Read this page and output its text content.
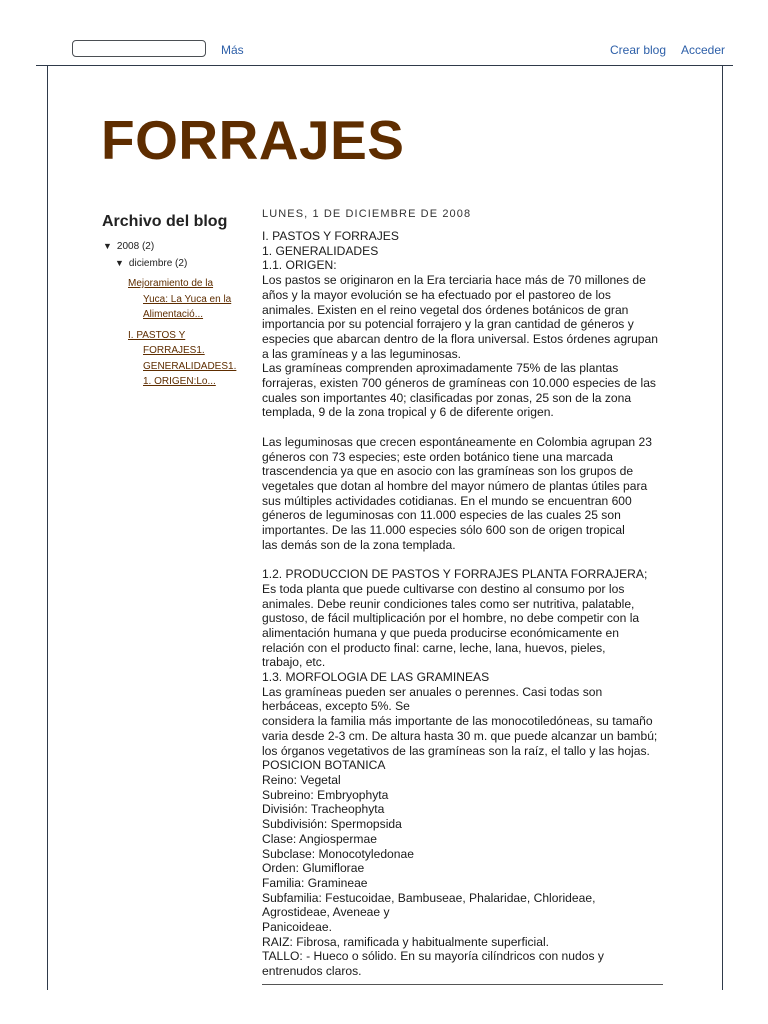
Más	Crear blog Acceder
FORRAJES
Archivo del blog
▼ 2008 (2)
▼ diciembre (2)
Mejoramiento de la
Yuca: La Yuca en la
Alimentació...
I. PASTOS Y
FORRAJES1.
GENERALIDADES1.
1. ORIGEN:Lo...
LUNES, 1 DE DICIEMBRE DE 2008
I. PASTOS Y FORRAJES
1. GENERALIDADES
1.1. ORIGEN:
Los pastos se originaron en la Era terciaria hace más de 70 millones de
años y la mayor evolución se ha efectuado por el pastoreo de los
animales. Existen en el reino vegetal dos órdenes botánicos de gran
importancia por su potencial forrajero y la gran cantidad de géneros y
especies que abarcan dentro de la flora universal. Estos órdenes agrupan
a las gramíneas y a las leguminosas.
Las gramíneas comprenden aproximadamente 75% de las plantas
forrajeras, existen 700 géneros de gramíneas con 10.000 especies de las
cuales son importantes 40; clasificadas por zonas, 25 son de la zona
templada, 9 de la zona tropical y 6 de diferente origen.
Las leguminosas que crecen espontáneamente en Colombia agrupan 23
géneros con 73 especies; este orden botánico tiene una marcada
trascendencia ya que en asocio con las gramíneas son los grupos de
vegetales que dotan al hombre del mayor número de plantas útiles para
sus múltiples actividades cotidianas. En el mundo se encuentran 600
géneros de leguminosas con 11.000 especies de las cuales 25 son
importantes. De las 11.000 especies sólo 600 son de origen tropical
las demás son de la zona templada.
1.2. PRODUCCION DE PASTOS Y FORRAJES PLANTA FORRAJERA;
Es toda planta que puede cultivarse con destino al consumo por los
animales. Debe reunir condiciones tales como ser nutritiva, palatable,
gustoso, de fácil multiplicación por el hombre, no debe competir con la
alimentación humana y que pueda producirse económicamente en
relación con el producto final: carne, leche, lana, huevos, pieles,
trabajo, etc.
1.3. MORFOLOGIA DE LAS GRAMINEAS
Las gramíneas pueden ser anuales o perennes. Casi todas son
herbáceas, excepto 5%. Se
considera la familia más importante de las monocotiledóneas, su tamaño
varia desde 2-3 cm. De altura hasta 30 m. que puede alcanzar un bambú;
los órganos vegetativos de las gramíneas son la raíz, el tallo y las hojas.
POSICION BOTANICA
Reino: Vegetal
Subreino: Embryophyta
División: Tracheophyta
Subdivisión: Spermopsida
Clase: Angiospermae
Subclase: Monocotyledonae
Orden: Glumiflorae
Familia: Gramineae
Subfamilia: Festucoidae, Bambuseae, Phalaridae, Chlorideae,
Agrostideae, Aveneae y
Panicoideae.
RAIZ: Fibrosa, ramificada y habitualmente superficial.
TALLO: - Hueco o sólido. En su mayoría cilíndricos con nudos y
entrenudos claros.
